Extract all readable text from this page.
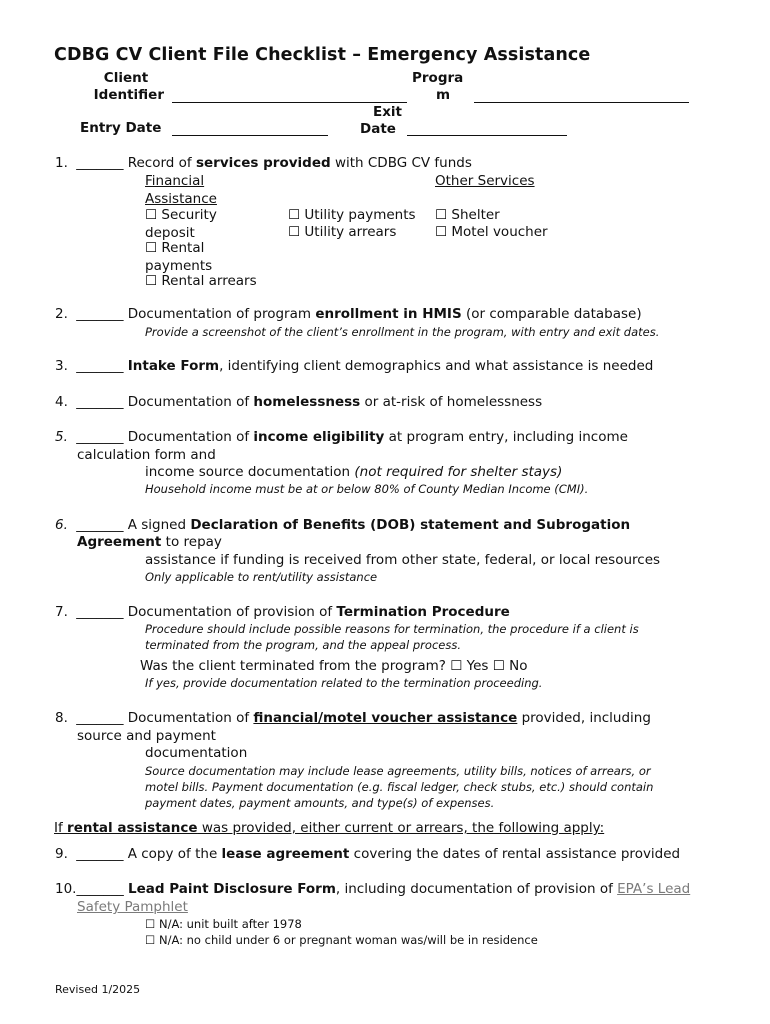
CDBG CV Client File Checklist – Emergency Assistance
Client
Identifier
Progra
m
Entry Date
Exit
Date
1. _______ Record of services provided with CDBG CV funds
Financial
Assistance
Other Services
☐ Security
deposit
☐ Rental
payments
☐ Rental arrears
☐ Utility payments
☐ Utility arrears
☐ Shelter
☐ Motel voucher
2. _______ Documentation of program enrollment in HMIS (or comparable database)
Provide a screenshot of the client’s enrollment in the program, with entry and exit dates.
3. _______ Intake Form, identifying client demographics and what assistance is needed
4. _______ Documentation of homelessness or at-risk of homelessness
5. _______ Documentation of income eligibility at program entry, including income
calculation form and
income source documentation (not required for shelter stays)
Household income must be at or below 80% of County Median Income (CMI).
6. _______ A signed Declaration of Benefits (DOB) statement and Subrogation
Agreement to repay
assistance if funding is received from other state, federal, or local resources
Only applicable to rent/utility assistance
7. _______ Documentation of provision of Termination Procedure
Procedure should include possible reasons for termination, the procedure if a client is
terminated from the program, and the appeal process.
Was the client terminated from the program? ☐ Yes ☐ No
If yes, provide documentation related to the termination proceeding.
8. _______ Documentation of financial/motel voucher assistance provided, including
source and payment
documentation
Source documentation may include lease agreements, utility bills, notices of arrears, or
motel bills. Payment documentation (e.g. fiscal ledger, check stubs, etc.) should contain
payment dates, payment amounts, and type(s) of expenses.
If rental assistance was provided, either current or arrears, the following apply:
9. _______ A copy of the lease agreement covering the dates of rental assistance provided
10._______ Lead Paint Disclosure Form, including documentation of provision of EPA’s Lead
Safety Pamphlet
☐ N/A: unit built after 1978
☐ N/A: no child under 6 or pregnant woman was/will be in residence
Revised 1/2025
